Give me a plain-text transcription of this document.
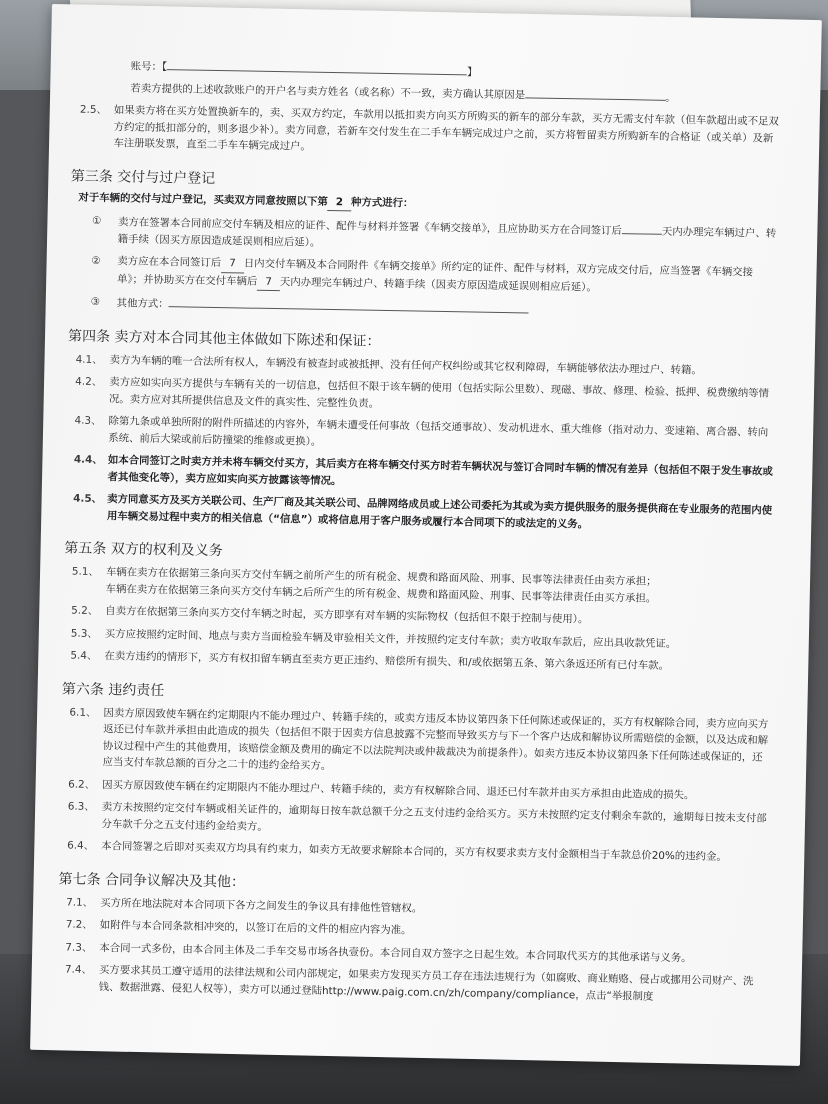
账号：【	】
若卖方提供的上述收款账户的开户名与卖方姓名（或名称）不一致，卖方确认其原因是	。
2.5、 如果卖方将在买方处置换新车的，卖、买双方约定，车款用以抵扣卖方向买方所购买的新车的部分车款，买方无需支付车款（但车款超出或不足双方约定的抵扣部分的，则多退少补）。卖方同意，若新车交付发生在二手车车辆完成过户之前，买方将暂留卖方所购新车的合格证（或关单）及新车注册联发票，直至二手车车辆完成过户。
第三条 交付与过户登记
对于车辆的交付与过户登记，买卖双方同意按照以下第 2 种方式进行：
①	卖方在签署本合同前应交付车辆及相应的证件、配件与材料并签署《车辆交接单》，且应协助买方在合同签订后	天内办理完车辆过户、转籍手续（因买方原因造成延误则相应后延）。
②	卖方应在本合同签订后 7 日内交付车辆及本合同附件《车辆交接单》所约定的证件、配件与材料，双方完成交付后，应当签署《车辆交接单》；并协助买方在交付车辆后 7 天内办理完车辆过户、转籍手续（因卖方原因造成延误则相应后延）。
③	其他方式：
第四条 卖方对本合同其他主体做如下陈述和保证：
4.1、 卖方为车辆的唯一合法所有权人，车辆没有被查封或被抵押、没有任何产权纠纷或其它权利障碍，车辆能够依法办理过户、转籍。
4.2、 卖方应如实向买方提供与车辆有关的一切信息，包括但不限于该车辆的使用（包括实际公里数）、现磁、事故、修理、检验、抵押、税费缴纳等情况。卖方应对其所提供信息及文件的真实性、完整性负责。
4.3、 除第九条或单独所附的附件所描述的内容外，车辆未遭受任何事故（包括交通事故）、发动机进水、重大维修（指对动力、变速箱、离合器、转向系统、前后大梁或前后防撞梁的维修或更换）。
4.4、 如本合同签订之时卖方并未将车辆交付买方，其后卖方在将车辆交付买方时若车辆状况与签订合同时车辆的情况有差异（包括但不限于发生事故或者其他变化等），卖方应如实向买方披露该等情况。
4.5、 卖方同意买方及买方关联公司、生产厂商及其关联公司、品牌网络成员或上述公司委托为其或为卖方提供服务的服务提供商在专业服务的范围内使用车辆交易过程中卖方的相关信息（“信息”）或将信息用于客户服务或履行本合同项下的或法定的义务。
第五条 双方的权利及义务
5.1、 车辆在卖方在依据第三条向买方交付车辆之前所产生的所有税金、规费和路面风险、刑事、民事等法律责任由卖方承担；
车辆在卖方在依据第三条向买方交付车辆之后所产生的所有税金、规费和路面风险、刑事、民事等法律责任由买方承担。
5.2、 自卖方在依据第三条向买方交付车辆之时起，买方即享有对车辆的实际物权（包括但不限于控制与使用）。
5.3、 买方应按照约定时间、地点与卖方当面检验车辆及审验相关文件，并按照约定支付车款；卖方收取车款后，应出具收款凭证。
5.4、 在卖方违约的情形下，买方有权扣留车辆直至卖方更正违约、赔偿所有损失、和/或依据第五条、第六条返还所有已付车款。
第六条 违约责任
6.1、 因卖方原因致使车辆在约定期限内不能办理过户、转籍手续的，或卖方违反本协议第四条下任何陈述或保证的，买方有权解除合同，卖方应向买方返还已付车款并承担由此造成的损失（包括但不限于因卖方信息披露不完整而导致买方与下一个客户达成和解协议所需赔偿的金额，以及达成和解协议过程中产生的其他费用，该赔偿金额及费用的确定不以法院判决或仲裁裁决为前提条件）。如卖方违反本协议第四条下任何陈述或保证的，还应当支付车款总额的百分之二十的违约金给买方。
6.2、 因买方原因致使车辆在约定期限内不能办理过户、转籍手续的，卖方有权解除合同、退还已付车款并由买方承担由此造成的损失。
6.3、 卖方未按照约定交付车辆或相关证件的，逾期每日按车款总额千分之五支付违约金给买方。买方未按照约定支付剩余车款的，逾期每日按未支付部分车款千分之五支付违约金给卖方。
6.4、 本合同签署之后即对买卖双方均具有约束力，如卖方无故要求解除本合同的，买方有权要求卖方支付金额相当于车款总价20%的违约金。
第七条 合同争议解决及其他：
7.1、 买方所在地法院对本合同项下各方之间发生的争议具有排他性管辖权。
7.2、 如附件与本合同条款相冲突的，以签订在后的文件的相应内容为准。
7.3、 本合同一式多份，由本合同主体及二手车交易市场各执壹份。本合同自双方签字之日起生效。本合同取代买方的其他承诺与义务。
7.4、 买方要求其员工遵守适用的法律法规和公司内部规定，如果卖方发现买方员工存在违法违规行为（如腐败、商业贿赂、侵占或挪用公司财产、洗钱、数据泄露、侵犯人权等），卖方可以通过登陆http://www.paig.com.cn/zh/company/compliance，点击“举报制度
